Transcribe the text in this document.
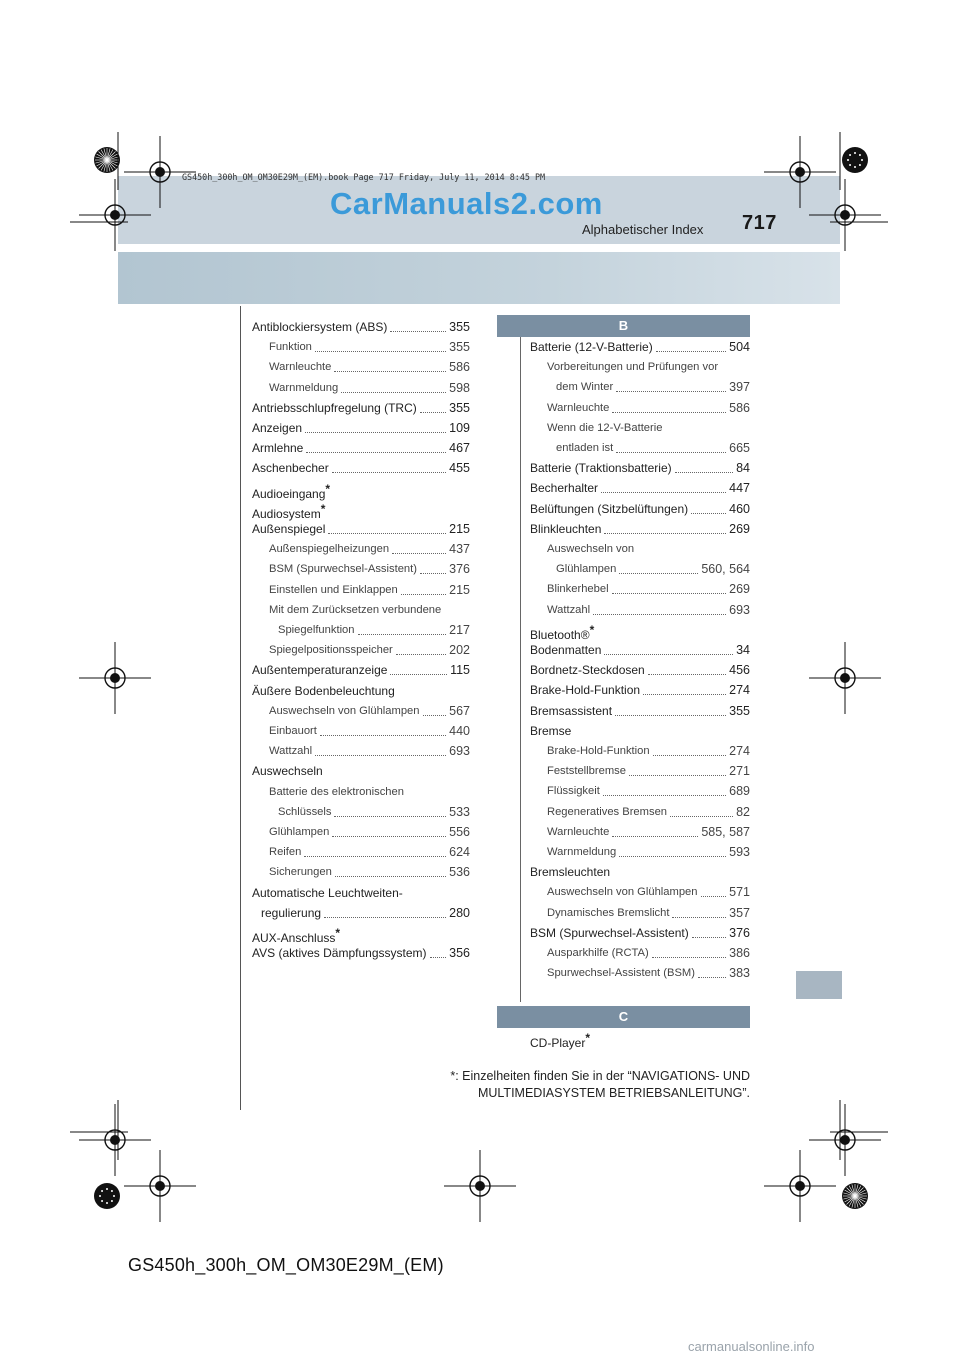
GS450h_300h_OM_OM30E29M_(EM).book Page 717 Friday, July 11, 2014 8:45 PM
CarManuals2.com
Alphabetischer Index 717
Antiblockiersystem (ABS)	355
Funktion	355
Warnleuchte	586
Warnmeldung	598
Antriebsschlupfregelung (TRC)	355
Anzeigen	109
Armlehne	467
Aschenbecher	455
Audioeingang*
Audiosystem*
Außenspiegel	215
Außenspiegelheizungen	437
BSM (Spurwechsel-Assistent)	376
Einstellen und Einklappen	215
Mit dem Zurücksetzen verbundene
Spiegelfunktion	217
Spiegelpositionsspeicher	202
Außentemperaturanzeige	115
Äußere Bodenbeleuchtung
Auswechseln von Glühlampen 567
Einbauort	440
Wattzahl	693
Auswechseln
Batterie des elektronischen
Schlüssels	533
Glühlampen	556
Reifen	624
Sicherungen	536
Automatische Leuchtweiten-
regulierung	280
AUX-Anschluss*
AVS (aktives Dämpfungssystem) 356
B
Batterie (12-V-Batterie)	504
Vorbereitungen und Prüfungen vor
dem Winter	397
Warnleuchte	586
Wenn die 12-V-Batterie
entladen ist	665
Batterie (Traktionsbatterie)	84
Becherhalter	447
Belüftungen (Sitzbelüftungen)	460
Blinkleuchten	269
Auswechseln von
Glühlampen	560, 564
Blinkerhebel	269
Wattzahl	693
Bluetooth®*
Bodenmatten	34
Bordnetz-Steckdosen	456
Brake-Hold-Funktion	274
Bremsassistent	355
Bremse
Brake-Hold-Funktion	274
Feststellbremse	271
Flüssigkeit	689
Regeneratives Bremsen	82
Warnleuchte	585, 587
Warnmeldung	593
Bremsleuchten
Auswechseln von Glühlampen	571
Dynamisches Bremslicht	357
BSM (Spurwechsel-Assistent)	376
Ausparkhilfe (RCTA)	386
Spurwechsel-Assistent (BSM)	383
C
CD-Player*
*: Einzelheiten finden Sie in der “NAVIGATIONS- UND
MULTIMEDIASYSTEM BETRIEBSANLEITUNG”.
GS450h_300h_OM_OM30E29M_(EM)
carmanualsonline.info
